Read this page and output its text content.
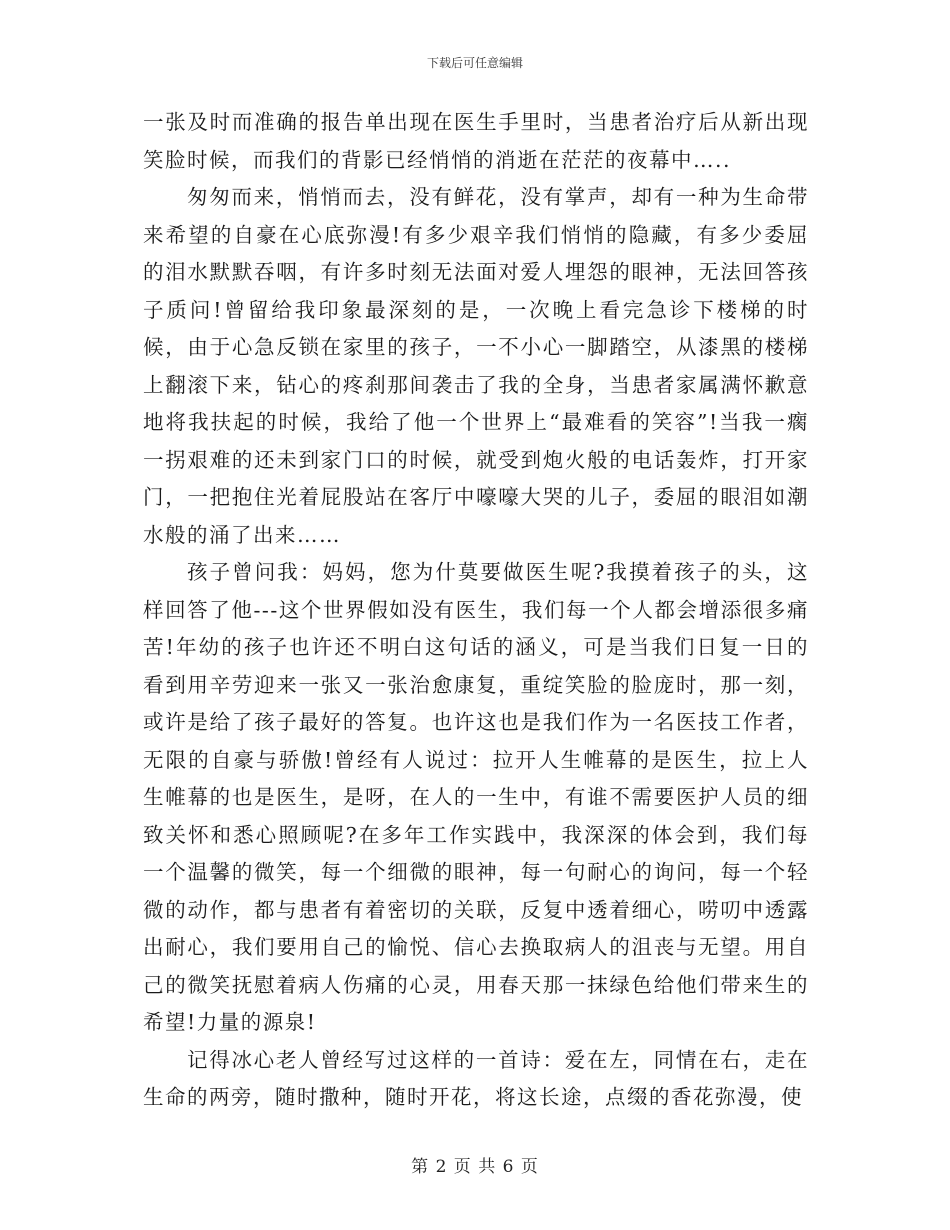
下载后可任意编辑

一张及时而准确的报告单出现在医生手里时，当患者治疗后从新出现笑脸时候，而我们的背影已经悄悄的消逝在茫茫的夜幕中…..

匆匆而来，悄悄而去，没有鲜花，没有掌声，却有一种为生命带来希望的自豪在心底弥漫!有多少艰辛我们悄悄的隐藏，有多少委屈的泪水默默吞咽，有许多时刻无法面对爱人埋怨的眼神，无法回答孩子质问!曾留给我印象最深刻的是，一次晚上看完急诊下楼梯的时候，由于心急反锁在家里的孩子，一不小心一脚踏空，从漆黑的楼梯上翻滚下来，钻心的疼刹那间袭击了我的全身，当患者家属满怀歉意地将我扶起的时候，我给了他一个世界上“最难看的笑容”!当我一瘸一拐艰难的还未到家门口的时候，就受到炮火般的电话轰炸，打开家门，一把抱住光着屁股站在客厅中嚎嚎大哭的儿子，委屈的眼泪如潮水般的涌了出来……

孩子曾问我：妈妈，您为什莫要做医生呢?我摸着孩子的头，这样回答了他---这个世界假如没有医生，我们每一个人都会增添很多痛苦!年幼的孩子也许还不明白这句话的涵义，可是当我们日复一日的看到用辛劳迎来一张又一张治愈康复，重绽笑脸的脸庞时，那一刻，或许是给了孩子最好的答复。也许这也是我们作为一名医技工作者，无限的自豪与骄傲!曾经有人说过：拉开人生帷幕的是医生，拉上人生帷幕的也是医生，是呀，在人的一生中，有谁不需要医护人员的细致关怀和悉心照顾呢?在多年工作实践中，我深深的体会到，我们每一个温馨的微笑，每一个细微的眼神，每一句耐心的询问，每一个轻微的动作，都与患者有着密切的关联，反复中透着细心，唠叨中透露出耐心，我们要用自己的愉悦、信心去换取病人的沮丧与无望。用自己的微笑抚慰着病人伤痛的心灵，用春天那一抹绿色给他们带来生的希望!力量的源泉!

记得冰心老人曾经写过这样的一首诗：爱在左，同情在右，走在生命的两旁，随时撒种，随时开花，将这长途，点缀的香花弥漫，使

第 2 页 共 6 页
